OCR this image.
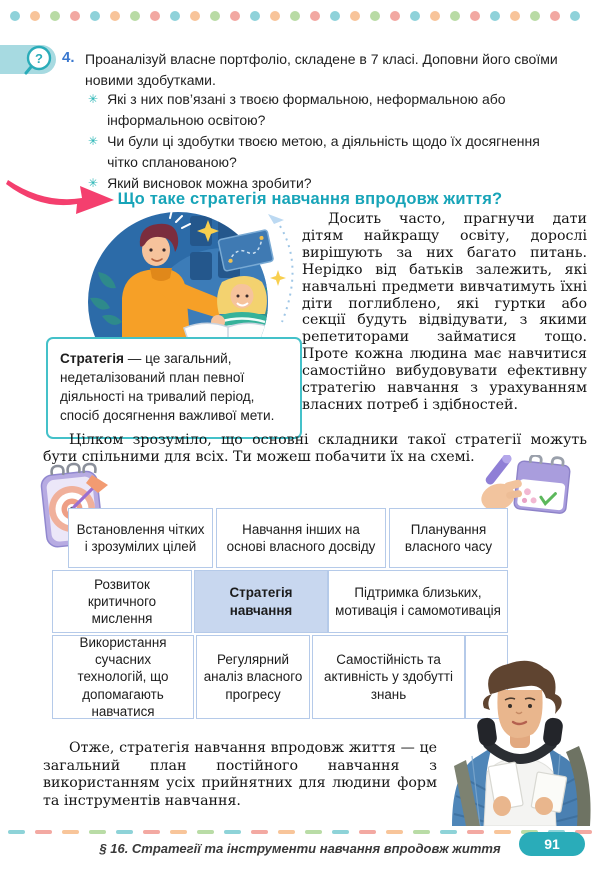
? 4. Проаналізуй власне портфоліо, складене в 7 класі. Доповни його своїми новими здобутками.
✳ Які з них пов’язані з твоєю формальною, неформальною або інформальною освітою?
✳ Чи були ці здобутки твоєю метою, а діяльність щодо їх досягнення чітко спланованою?
✳ Який висновок можна зробити?
Що таке стратегія навчання впродовж життя?
Стратегія — це загальний, недеталізований план певної діяльності на тривалий період, спосіб досягнення важливої мети.
Досить часто, прагнучи дати дітям найкращу освіту, дорослі вирішують за них багато питань. Нерідко від батьків залежить, які навчальні предмети вивчатимуть їхні діти поглиблено, які гуртки або секції будуть відвідувати, з якими репетиторами займатися тощо. Проте кожна людина має навчитися самостійно вибудовувати ефективну стратегію навчання з урахуванням власних потреб і здібностей.
Цілком зрозуміло, що основні складники такої стратегії можуть бути спільними для всіх. Ти можеш побачити їх на схемі.
Встановлення чітких і зрозумілих цілей
Навчання інших на основі власного досвіду
Планування власного часу
Розвиток критичного мислення
Стратегія навчання
Підтримка близьких, мотивація і самомотивація
Використання сучасних технологій, що допомагають навчатися
Регулярний аналіз власного прогресу
Самостійність та активність у здобутті знань
Отже, стратегія навчання впродовж життя — це загальний план постійного навчання з використанням усіх прийнятних для людини форм та інструментів навчання.
§ 16. Стратегії та інструменти навчання впродовж життя	91
